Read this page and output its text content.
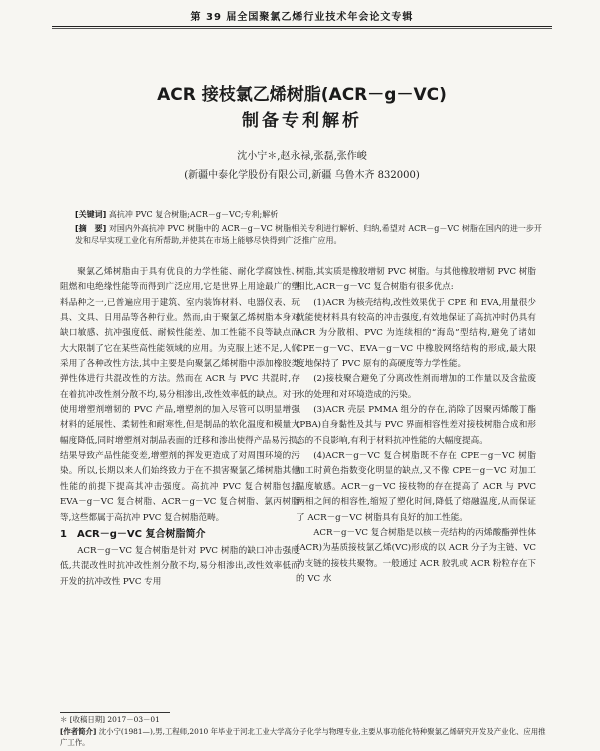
第 39 届全国聚氯乙烯行业技术年会论文专辑
ACR 接枝氯乙烯树脂(ACR－g－VC)
制备专利解析
沈小宁＊,赵永禄,张磊,张作峻
(新疆中泰化学股份有限公司,新疆 乌鲁木齐 832000)
[关键词] 高抗冲 PVC 复合树脂;ACR－g－VC;专利;解析
[摘　要] 对国内外高抗冲 PVC 树脂中的 ACR－g－VC 树脂相关专利进行解析、归纳,希望对 ACR－g－VC 树脂在国内的进一步开发和尽早实现工业化有所帮助,并使其在市场上能够尽快得到广泛推广应用。

聚氯乙烯树脂由于具有优良的力学性能、耐化学腐蚀性、阻燃和电绝缘性能等而得到广泛应用,它是世界上用途最广的塑料品种之一,已普遍应用于建筑、室内装饰材料、电器仪表、玩具、文具、日用品等各种行业。然而,由于聚氯乙烯树脂本身对缺口敏感、抗冲强度低、耐候性能差、加工性能不良等缺点而大大限制了它在某些高性能领域的应用。为克服上述不足,人们采用了各种改性方法,其中主要是向聚氯乙烯树脂中添加橡胶类弹性体进行共混改性的方法。然而在 ACR 与 PVC 共混时,存在着抗冲改性剂分散不均,易分相渗出,改性效率低的缺点。对于使用增塑剂增韧的 PVC 产品,增塑剂的加入尽管可以明显增强材料的延展性、柔韧性和耐寒性,但是制品的软化温度和模量大幅度降低,同时增塑剂对制品表面的迁移和渗出使得产品易污损,结果导致产品性能变差,增塑剂的挥发更造成了对周围环境的污染。所以,长期以来人们始终致力于在不损害聚氯乙烯树脂其他性能的前提下提高其冲击强度。高抗冲 PVC 复合树脂包括 EVA－g－VC 复合树脂、ACR－g－VC 复合树脂、氯丙树脂等,这些都属于高抗冲 PVC 复合树脂范畴。

1　ACR－g－VC 复合树脂简介

ACR－g－VC 复合树脂是针对 PVC 树脂的缺口冲击强度低,共混改性时抗冲改性剂分散不均,易分相渗出,改性效率低而开发的抗冲改性 PVC 专用

树脂,其实质是橡胶增韧 PVC 树脂。与其他橡胶增韧 PVC 树脂相比,ACR－g－VC 复合树脂有很多优点:

(1)ACR 为核壳结构,改性效果优于 CPE 和 EVA,用量很少就能使材料具有较高的冲击强度,有效地保证了高抗冲时仍具有 ACR 为分散相、PVC 为连续相的“海岛”型结构,避免了诸如 CPE－g－VC、EVA－g－VC 中橡胶网络结构的形成,最大限度地保持了 PVC 原有的高硬度等力学性能。

(2)接枝聚合避免了分离改性剂而增加的工作量以及含盐废水的处理和对环境造成的污染。

(3)ACR 壳层 PMMA 组分的存在,消除了因聚丙烯酸丁酯(PBA)自身黏性及其与 PVC 界面相容性差对接枝树脂合成和形态的不良影响,有利于材料抗冲性能的大幅度提高。

(4)ACR－g－VC 复合树脂既不存在 CPE－g－VC 树脂加工时黄色指数变化明显的缺点,又不像 CPE－g－VC 对加工温度敏感。ACR－g－VC 接枝物的存在提高了 ACR 与 PVC 两相之间的相容性,缩短了塑化时间,降低了熔融温度,从而保证了 ACR－g－VC 树脂具有良好的加工性能。

ACR－g－VC 复合树脂是以核－壳结构的丙烯酸酯弹性体(ACR)为基质接枝氯乙烯(VC)形成的以 ACR 分子为主链、VC 为支链的接枝共聚物。一般通过 ACR 胶乳或 ACR 粉粒存在下的 VC 水

＊ [收稿日期] 2017－03－01
[作者简介] 沈小宁(1981—),男,工程师,2010 年毕业于河北工业大学高分子化学与物理专业,主要从事功能化特种聚氯乙烯研究开发及产业化、应用推广工作。
